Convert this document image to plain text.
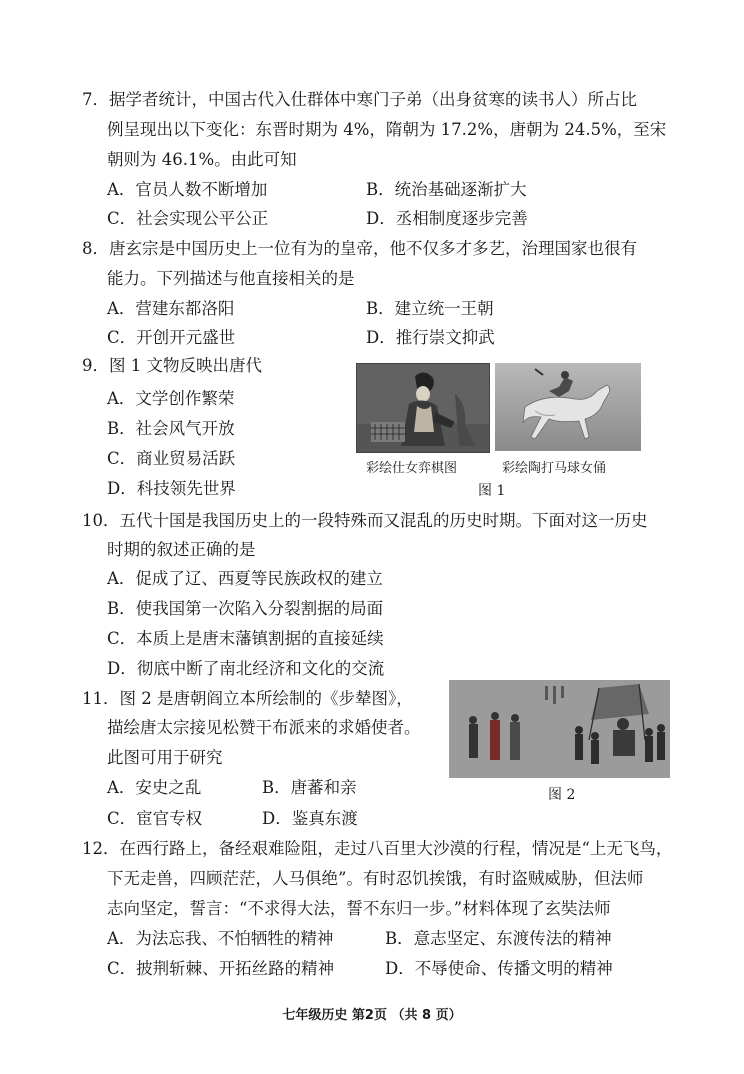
7．据学者统计，中国古代入仕群体中寒门子弟（出身贫寒的读书人）所占比
例呈现出以下变化：东晋时期为 4%，隋朝为 17.2%，唐朝为 24.5%，至宋
朝则为 46.1%。由此可知
A．官员人数不断增加	B．统治基础逐渐扩大
C．社会实现公平公正	D．丞相制度逐步完善
8．唐玄宗是中国历史上一位有为的皇帝，他不仅多才多艺，治理国家也很有
能力。下列描述与他直接相关的是
A．营建东都洛阳	B．建立统一王朝
C．开创开元盛世	D．推行崇文抑武
9．图 1 文物反映出唐代
A．文学创作繁荣
B．社会风气开放
C．商业贸易活跃
D．科技领先世界
彩绘仕女弈棋图	彩绘陶打马球女俑
图 1
10．五代十国是我国历史上的一段特殊而又混乱的历史时期。下面对这一历史
时期的叙述正确的是
A．促成了辽、西夏等民族政权的建立
B．使我国第一次陷入分裂割据的局面
C．本质上是唐末藩镇割据的直接延续
D．彻底中断了南北经济和文化的交流
11．图 2 是唐朝阎立本所绘制的《步辇图》，
描绘唐太宗接见松赞干布派来的求婚使者。
此图可用于研究
A．安史之乱	B．唐蕃和亲
C．宦官专权	D．鉴真东渡
图 2
12．在西行路上，备经艰难险阻，走过八百里大沙漠的行程，情况是“上无飞鸟，
下无走兽，四顾茫茫，人马俱绝”。有时忍饥挨饿，有时盗贼威胁，但法师
志向坚定，誓言：“不求得大法，誓不东归一步。”材料体现了玄奘法师
A．为法忘我、不怕牺牲的精神	B．意志坚定、东渡传法的精神
C．披荆斩棘、开拓丝路的精神	D．不辱使命、传播文明的精神
七年级历史 第2页 （共 8 页）
